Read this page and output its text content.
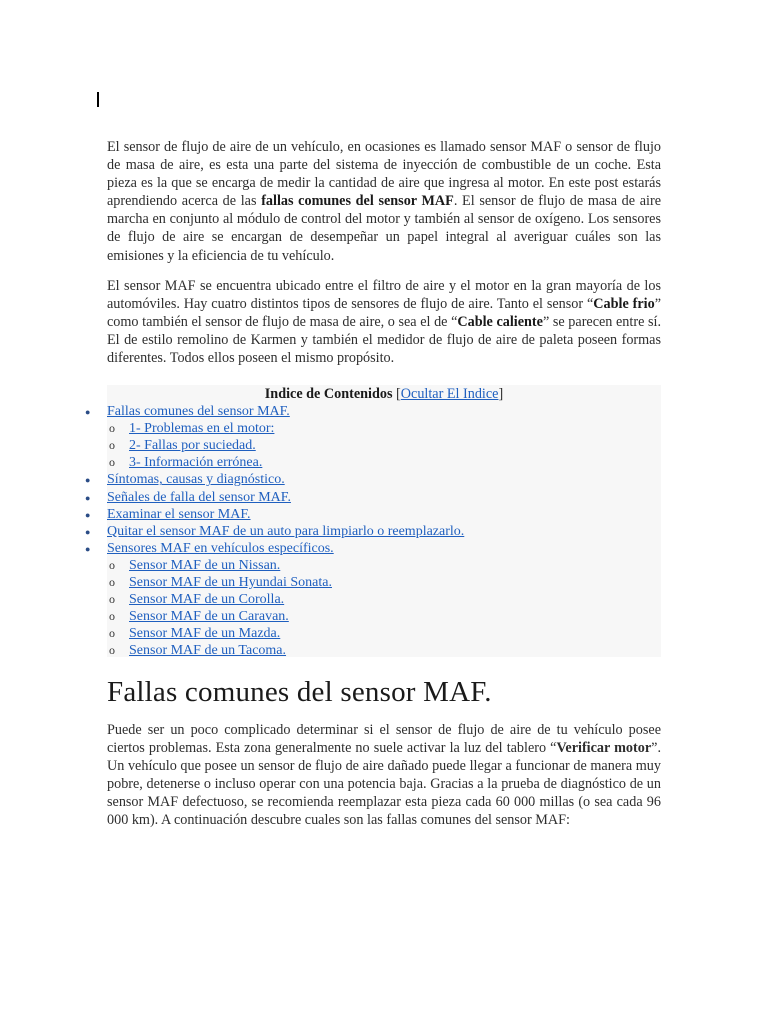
El sensor de flujo de aire de un vehículo, en ocasiones es llamado sensor MAF o sensor de flujo de masa de aire, es esta una parte del sistema de inyección de combustible de un coche. Esta pieza es la que se encarga de medir la cantidad de aire que ingresa al motor. En este post estarás aprendiendo acerca de las fallas comunes del sensor MAF. El sensor de flujo de masa de aire marcha en conjunto al módulo de control del motor y también al sensor de oxígeno. Los sensores de flujo de aire se encargan de desempeñar un papel integral al averiguar cuáles son las emisiones y la eficiencia de tu vehículo.

El sensor MAF se encuentra ubicado entre el filtro de aire y el motor en la gran mayoría de los automóviles. Hay cuatro distintos tipos de sensores de flujo de aire. Tanto el sensor “Cable frio” como también el sensor de flujo de masa de aire, o sea el de “Cable caliente” se parecen entre sí. El de estilo remolino de Karmen y también el medidor de flujo de aire de paleta poseen formas diferentes. Todos ellos poseen el mismo propósito.

Indice de Contenidos [Ocultar El Indice]
● Fallas comunes del sensor MAF.
o 1- Problemas en el motor:
o 2- Fallas por suciedad.
o 3- Información errónea.
● Síntomas, causas y diagnóstico.
● Señales de falla del sensor MAF.
● Examinar el sensor MAF.
● Quitar el sensor MAF de un auto para limpiarlo o reemplazarlo.
● Sensores MAF en vehículos específicos.
o Sensor MAF de un Nissan.
o Sensor MAF de un Hyundai Sonata.
o Sensor MAF de un Corolla.
o Sensor MAF de un Caravan.
o Sensor MAF de un Mazda.
o Sensor MAF de un Tacoma.
Fallas comunes del sensor MAF.

Puede ser un poco complicado determinar si el sensor de flujo de aire de tu vehículo posee ciertos problemas. Esta zona generalmente no suele activar la luz del tablero “Verificar motor”. Un vehículo que posee un sensor de flujo de aire dañado puede llegar a funcionar de manera muy pobre, detenerse o incluso operar con una potencia baja. Gracias a la prueba de diagnóstico de un sensor MAF defectuoso, se recomienda reemplazar esta pieza cada 60 000 millas (o sea cada 96 000 km). A continuación descubre cuales son las fallas comunes del sensor MAF:
